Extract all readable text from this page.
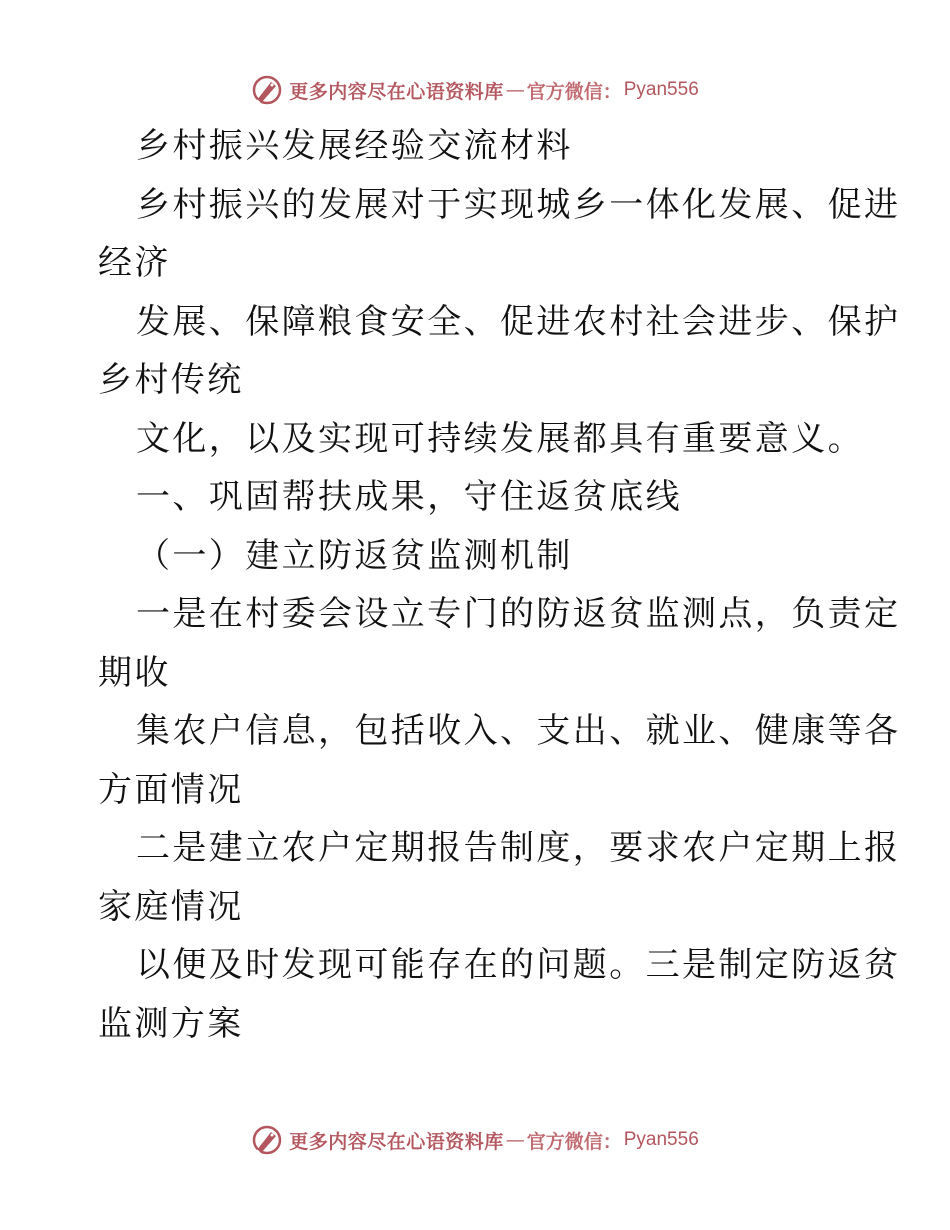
更多内容尽在心语资料库 — 官方微信： Pyan556
乡村振兴发展经验交流材料
乡村振兴的发展对于实现城乡一体化发展、促进
经济
发展、保障粮食安全、促进农村社会进步、保护
乡村传统
文化，以及实现可持续发展都具有重要意义。
一、巩固帮扶成果，守住返贫底线
（一）建立防返贫监测机制
一是在村委会设立专门的防返贫监测点，负责定
期收
集农户信息，包括收入、支出、就业、健康等各
方面情况
二是建立农户定期报告制度，要求农户定期上报
家庭情况
以便及时发现可能存在的问题。三是制定防返贫
监测方案
更多内容尽在心语资料库 — 官方微信： Pyan556
